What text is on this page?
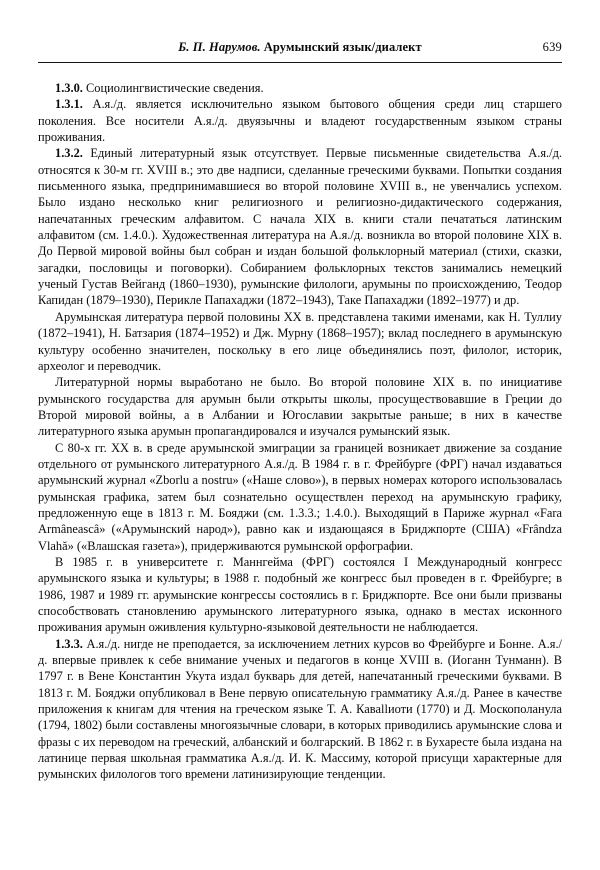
Б. П. Нарумов. Арумынский язык/диалект	639

1.3.0. Социолингвистические сведения.

1.3.1. А.я./д. является исключительно языком бытового общения среди лиц старшего поколения. Все носители А.я./д. двуязычны и владеют государственным языком страны проживания.

1.3.2. Единый литературный язык отсутствует. Первые письменные свидетельства А.я./д. относятся к 30-м гг. XVIII в.; это две надписи, сделанные греческими буквами. Попытки создания письменного языка, предпринимавшиеся во второй половине XVIII в., не увенчались успехом. Было издано несколько книг религиозного и религиозно-дидактического содержания, напечатанных греческим алфавитом. С начала XIX в. книги стали печататься латинским алфавитом (см. 1.4.0.). Художественная литература на А.я./д. возникла во второй половине XIX в. До Первой мировой войны был собран и издан большой фольклорный материал (стихи, сказки, загадки, пословицы и поговорки). Собиранием фольклорных текстов занимались немецкий ученый Густав Вейганд (1860–1930), румынские филологи, арумыны по происхождению, Теодор Капидан (1879–1930), Перикле Папахаджи (1872–1943), Таке Папахаджи (1892–1977) и др.

Арумынская литература первой половины XX в. представлена такими именами, как Н. Туллиу (1872–1941), Н. Батзария (1874–1952) и Дж. Мурну (1868–1957); вклад последнего в арумынскую культуру особенно значителен, поскольку в его лице объединялись поэт, филолог, историк, археолог и переводчик.

Литературной нормы выработано не было. Во второй половине XIX в. по инициативе румынского государства для арумын были открыты школы, просуществовавшие в Греции до Второй мировой войны, а в Албании и Югославии закрытые раньше; в них в качестве литературного языка арумын пропагандировался и изучался румынский язык.

С 80-х гг. XX в. в среде арумынской эмиграции за границей возникает движение за создание отдельного от румынского литературного А.я./д. В 1984 г. в г. Фрейбурге (ФРГ) начал издаваться арумынский журнал «Zborlu a nostru» («Наше слово»), в первых номерах которого использовалась румынская графика, затем был сознательно осуществлен переход на арумынскую графику, предложенную еще в 1813 г. М. Бояджи (см. 1.3.3.; 1.4.0.). Выходящий в Париже журнал «Fara Armâneascâ» («Арумынский народ»), равно как и издающаяся в Бриджпорте (США) «Frândza Vlahă» («Влашская газета»), придерживаются румынской орфографии.

В 1985 г. в университете г. Маннгейма (ФРГ) состоялся I Международный конгресс арумынского языка и культуры; в 1988 г. подобный же конгресс был проведен в г. Фрейбурге; в 1986, 1987 и 1989 гг. арумынские конгрессы состоялись в г. Бриджпорте. Все они были призваны способствовать становлению арумынского литературного языка, однако в местах исконного проживания арумын оживления культурно-языковой деятельности не наблюдается.

1.3.3. А.я./д. нигде не преподается, за исключением летних курсов во Фрейбурге и Бонне. А.я./д. впервые привлек к себе внимание ученых и педагогов в конце XVIII в. (Иоганн Тунманн). В 1797 г. в Вене Константин Укута издал букварь для детей, напечатанный греческими буквами. В 1813 г. М. Бояджи опубликовал в Вене первую описательную грамматику А.я./д. Ранее в качестве приложения к книгам для чтения на греческом языке Т. А. Кавallиоти (1770) и Д. Москополанула (1794, 1802) были составлены многоязычные словари, в которых приводились арумынские слова и фразы с их переводом на греческий, албанский и болгарский. В 1862 г. в Бухаресте была издана на латинице первая школьная грамматика А.я./д. И. К. Массиму, которой присущи характерные для румынских филологов того времени латинизирующие тенденции.
